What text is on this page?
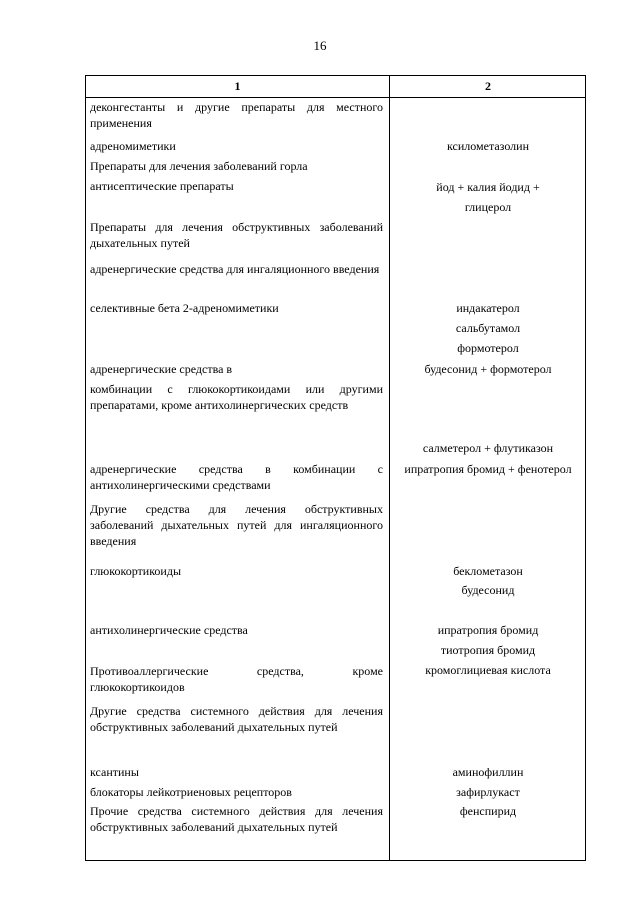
16
1	2
деконгестанты и другие препараты для местного применения
адреномиметики
Препараты для лечения заболеваний горла
антисептические препараты
Препараты для лечения обструктивных заболеваний дыхательных путей
адренергические средства для ингаляционного введения
селективные бета 2-адреномиметики
адренергические средства в
комбинации с глюкокортикоидами или другими препаратами, кроме антихолинергических средств
адренергические средства в комбинации с антихолинергическими средствами
Другие средства для лечения обструктивных заболеваний дыхательных путей для ингаляционного введения
глюкокортикоиды
антихолинергические средства
Противоаллергические средства, кроме глюкокортикоидов
Другие средства системного действия для лечения обструктивных заболеваний дыхательных путей
ксантины
блокаторы лейкотриеновых рецепторов
Прочие средства системного действия для лечения обструктивных заболеваний дыхательных путей
ксилометазолин
йод + калия йодид +
глицерол
индакатерол
сальбутамол
формотерол
будесонид + формотерол
салметерол + флутиказон
ипратропия бромид + фенотерол
беклометазон
будесонид
ипратропия бромид
тиотропия бромид
кромоглициевая кислота
аминофиллин
зафирлукаст
фенспирид
